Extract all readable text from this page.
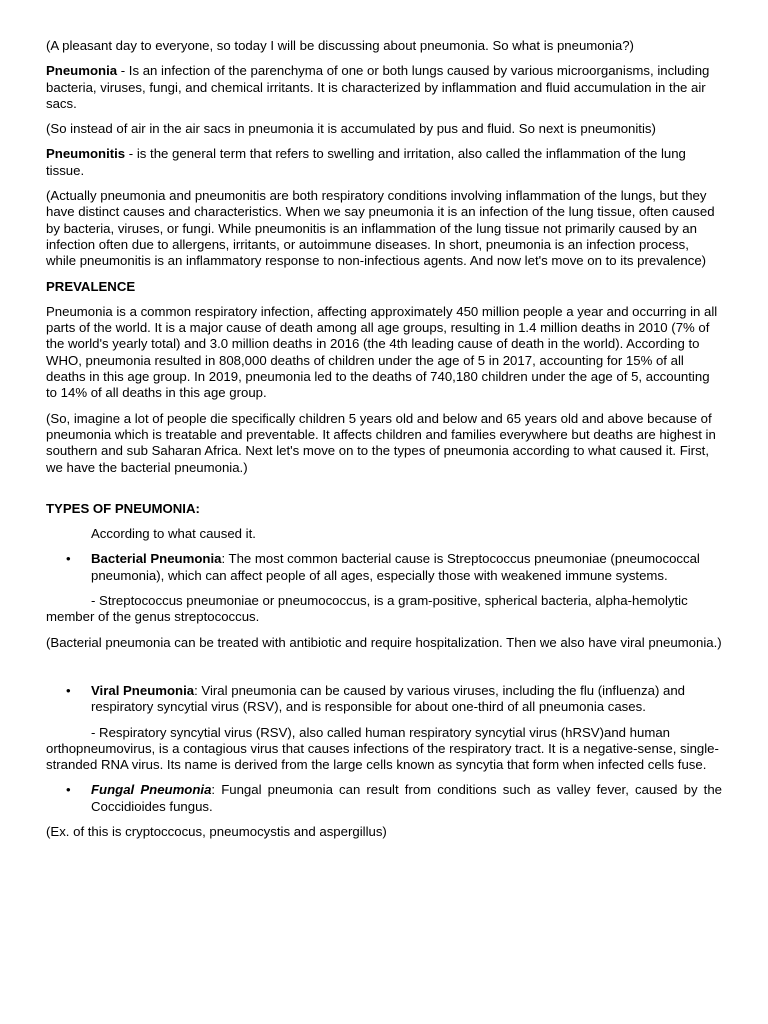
(A pleasant day to everyone, so today I will be discussing about pneumonia. So what is pneumonia?)

Pneumonia - Is an infection of the parenchyma of one or both lungs caused by various microorganisms, including bacteria, viruses, fungi, and chemical irritants. It is characterized by inflammation and fluid accumulation in the air sacs.

(So instead of air in the air sacs in pneumonia it is accumulated by pus and fluid. So next is pneumonitis)

Pneumonitis - is the general term that refers to swelling and irritation, also called the inflammation of the lung tissue.

(Actually pneumonia and pneumonitis are both respiratory conditions involving inflammation of the lungs, but they have distinct causes and characteristics. When we say pneumonia it is an infection of the lung tissue, often caused by bacteria, viruses, or fungi. While pneumonitis is an inflammation of the lung tissue not primarily caused by an infection often due to allergens, irritants, or autoimmune diseases. In short, pneumonia is an infection process, while pneumonitis is an inflammatory response to non-infectious agents. And now let's move on to its prevalence)

PREVALENCE

Pneumonia is a common respiratory infection, affecting approximately 450 million people a year and occurring in all parts of the world. It is a major cause of death among all age groups, resulting in 1.4 million deaths in 2010 (7% of the world's yearly total) and 3.0 million deaths in 2016 (the 4th leading cause of death in the world). According to WHO, pneumonia resulted in 808,000 deaths of children under the age of 5 in 2017, accounting for 15% of all deaths in this age group. In 2019, pneumonia led to the deaths of 740,180 children under the age of 5, accounting to 14% of all deaths in this age group.

(So, imagine a lot of people die specifically children 5 years old and below and 65 years old and above because of pneumonia which is treatable and preventable. It affects children and families everywhere but deaths are highest in southern and sub Saharan Africa. Next let's move on to the types of pneumonia according to what caused it. First, we have the bacterial pneumonia.)

TYPES OF PNEUMONIA:

According to what caused it.

• Bacterial Pneumonia: The most common bacterial cause is Streptococcus pneumoniae (pneumococcal pneumonia), which can affect people of all ages, especially those with weakened immune systems.

- Streptococcus pneumoniae or pneumococcus, is a gram-positive, spherical bacteria, alpha-hemolytic member of the genus streptococcus.

(Bacterial pneumonia can be treated with antibiotic and require hospitalization. Then we also have viral pneumonia.)

• Viral Pneumonia: Viral pneumonia can be caused by various viruses, including the flu (influenza) and respiratory syncytial virus (RSV), and is responsible for about one-third of all pneumonia cases.

- Respiratory syncytial virus (RSV), also called human respiratory syncytial virus (hRSV)and human orthopneumovirus, is a contagious virus that causes infections of the respiratory tract. It is a negative-sense, single-stranded RNA virus. Its name is derived from the large cells known as syncytia that form when infected cells fuse.

• Fungal Pneumonia: Fungal pneumonia can result from conditions such as valley fever, caused by the Coccidioides fungus.

(Ex. of this is cryptoccocus, pneumocystis and aspergillus)
